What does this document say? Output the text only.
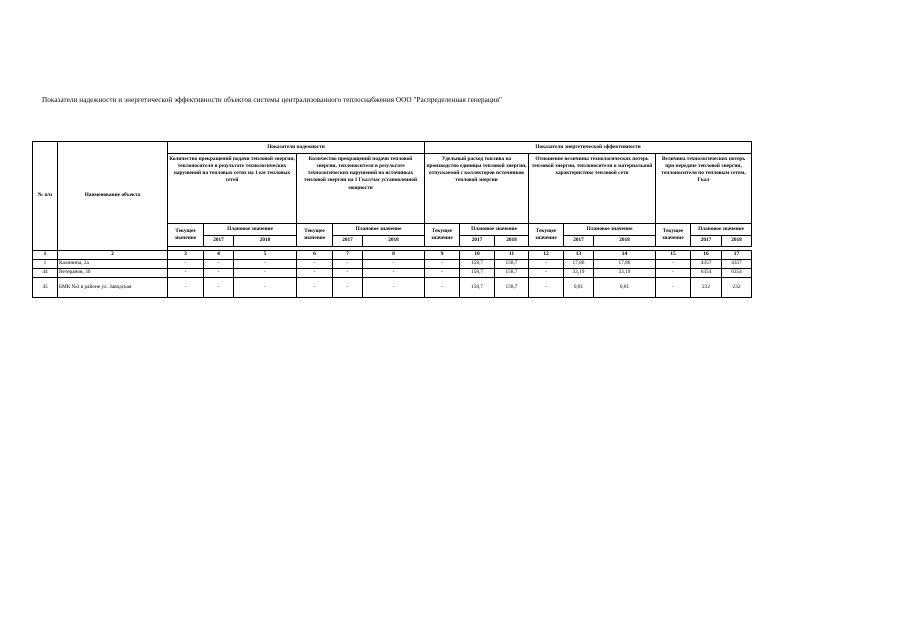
Показатели надежности и энергетической эффективности объектов системы централизованного теплоснабжения ООО "Распределенная генерация"
№ п/п	Наименование объекта	Показатели надежности						Показатели энергетической эффективности								
		Количество прекращений подачи тепловой энергии, теплоносителя в результате технологических нарушений на тепловых сетях на 1 км тепловых сетей			Количество прекращений подачи тепловой энергии, теплоносителя в результате технологических нарушений на источниках тепловой энергии на 1 Гкал/час установленной мощности			Удельный расход топлива на производство единицы тепловой энергии, отпускаемой с коллекторов источников тепловой энергии			Отношение величины технологических потерь тепловой энергии, теплоносителя к материальной характеристике тепловой сети			Величина технологических потерь при передаче тепловой энергии, теплоносителя по тепловым сетям, Гкал		
		Текущее значение	Плановое значение		Текущее значение	Плановое значение		Текущее значение	Плановое значение		Текущее значение	Плановое значение		Текущее значение	Плановое значение	
			2017	2018		2017	2018		2017	2018		2017	2018		2017	2018

1	2	3	4	5	6	7	8	9	10	11	12	13	14	15	16	17
1	Калинина, 2а	-	-	-	-	-	-	-	158,7	158,7	-	17,86	17,86	-	4357	4357
44	Ветеранов, 3б	-	-	-	-	-	-	-	158,7	158,7	-	33,19	33,19	-	6354	6354
45	БМК №3 в районе ул. Заводская	-	-	-	-	-	-	-	158,7	158,7	-	0,81	0,81	-	232	232
